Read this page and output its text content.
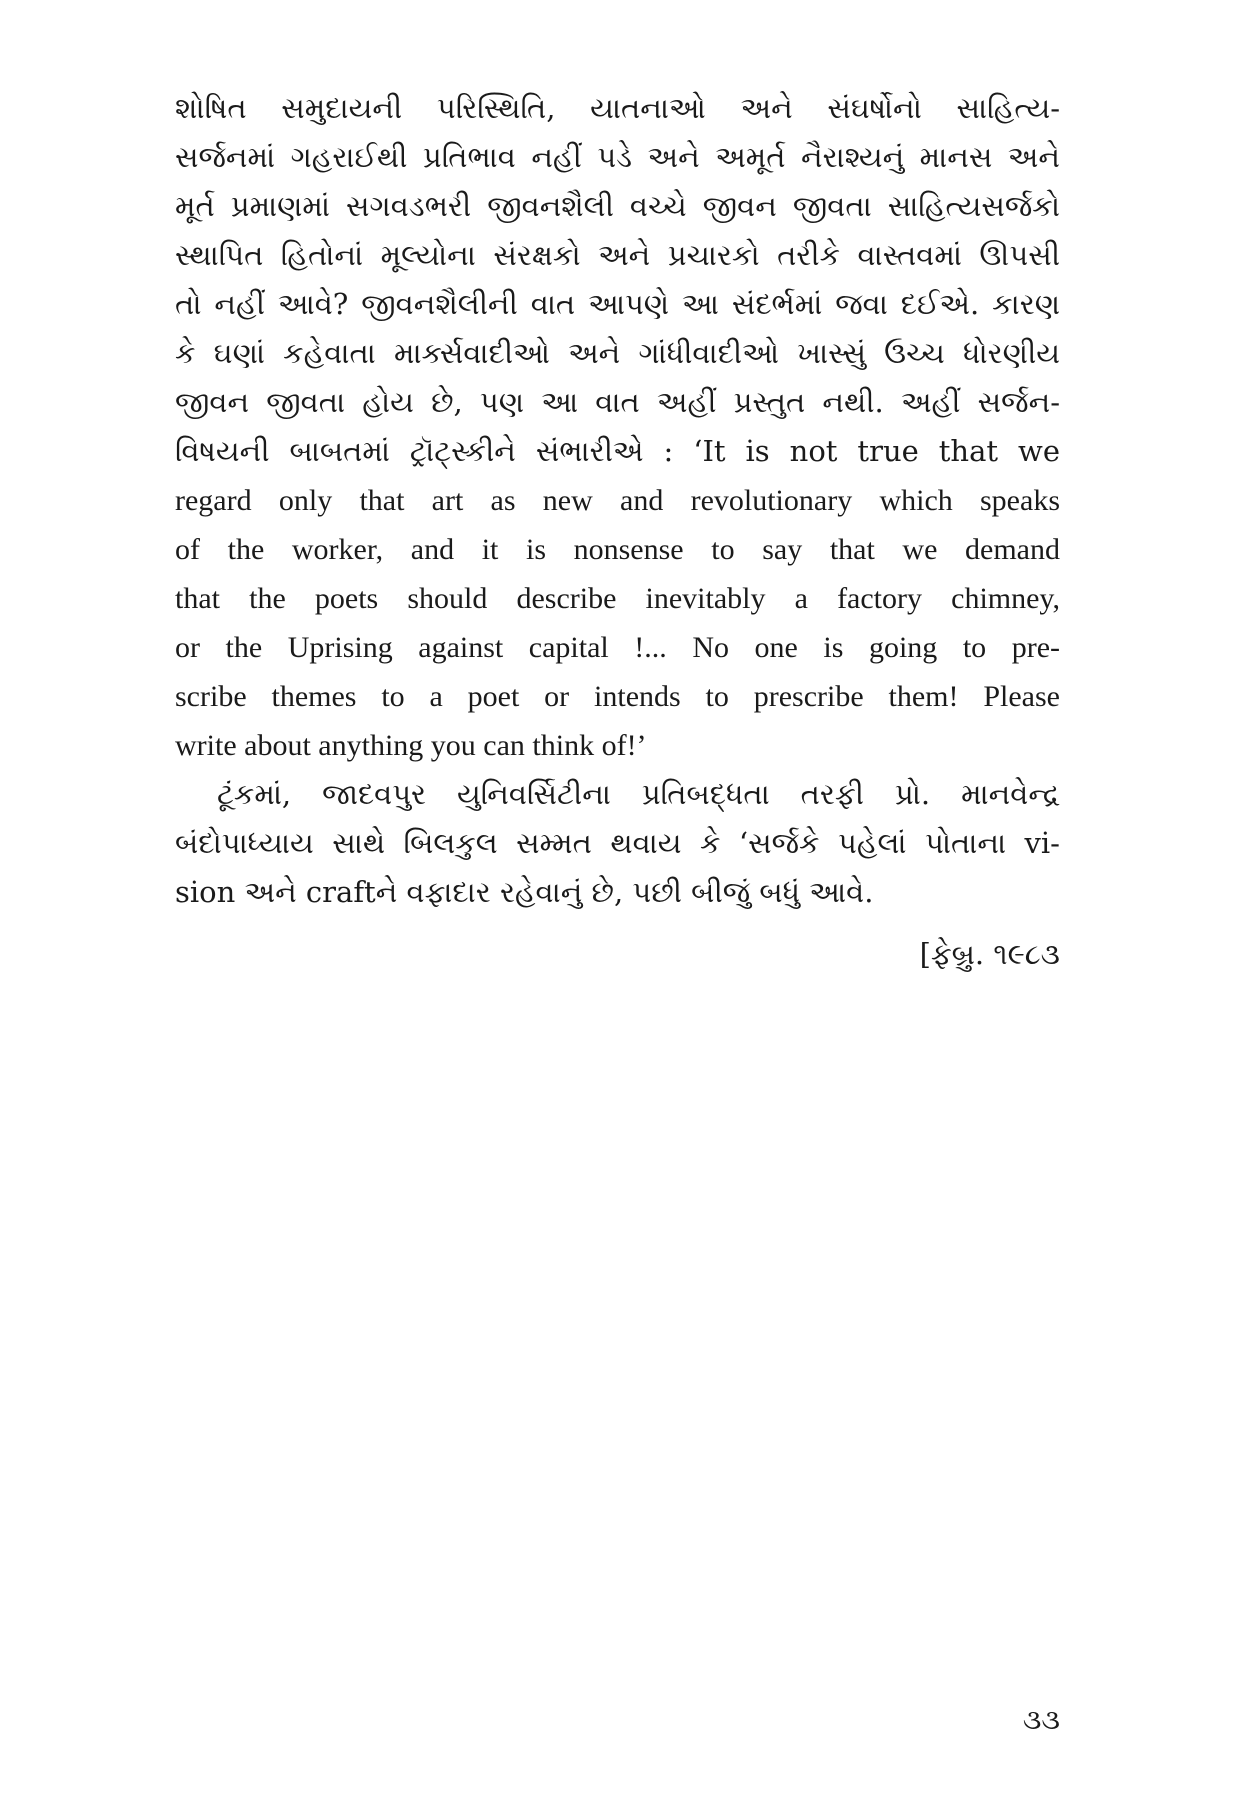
શોષિત સમુદાયની પરિસ્થિતિ, યાતનાઓ અને સંઘર્ષોનો સાહિત્ય-
સર્જનમાં ગહરાઈથી પ્રતિભાવ નહીં પડે અને અમૂર્ત નૈરાશ્યનું માનસ અને
મૂર્ત પ્રમાણમાં સગવડભરી જીવનશૈલી વચ્ચે જીવન જીવતા સાહિત્યસર્જકો
સ્થાપિત હિતોનાં મૂલ્યોના સંરક્ષકો અને પ્રચારકો તરીકે વાસ્તવમાં ઊપસી
તો નહીં આવે? જીવનશૈલીની વાત આપણે આ સંદર્ભમાં જવા દઈએ. કારણ
કે ઘણાં કહેવાતા માર્ક્સવાદીઓ અને ગાંધીવાદીઓ ખાસ્સું ઉચ્ચ ધોરણીય
જીવન જીવતા હોય છે, પણ આ વાત અહીં પ્રસ્તુત નથી. અહીં સર્જન-
વિષયની બાબતમાં ટ્રૉટ્સ્કીને સંભારીએ : ‘It is not true that we
regard only that art as new and revolutionary which speaks
of the worker, and it is nonsense to say that we demand
that the poets should describe inevitably a factory chimney,
or the Uprising against capital !... No one is going to pre-
scribe themes to a poet or intends to prescribe them! Please
write about anything you can think of!’
ટૂંકમાં, જાદવપુર યુનિવર્સિટીના પ્રતિબદ્ધતા તરફી પ્રો. માનવેન્દ્ર
બંદોપાધ્યાય સાથે બિલકુલ સમ્મત થવાય કે ‘સર્જકે પહેલાં પોતાના vi-
sion અને craftને વફાદાર રહેવાનું છે, પછી બીજું બધું આવે.
[ફેબ્રુ. ૧૯૮૩
૩૩
